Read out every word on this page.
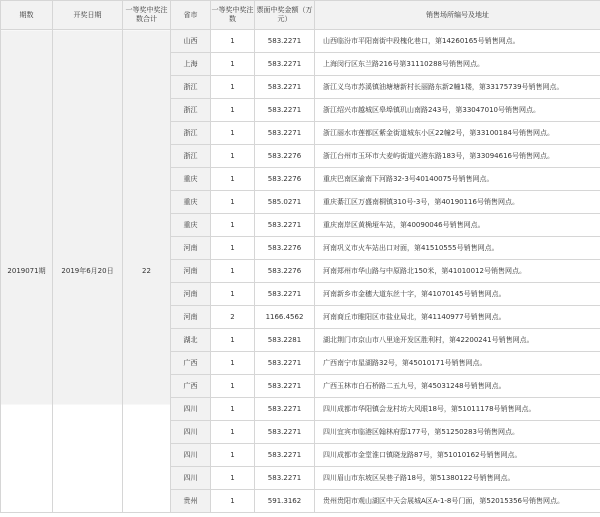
期数	开奖日期	一等奖中奖注数合计	省市	一等奖中奖注数	票面中奖金额（万元）	销售场所编号及地址
2019071期	2019年6月20日	22	山西	1	583.2271	山西临汾市平阳南街中段槐化巷口，第14260165号销售网点。
			上海	1	583.2271	上海闵行区东兰路216号第31110288号销售网点。
			浙江	1	583.2271	浙江义乌市苏溪镇油塘塘新村长丽路东新2幢1楼，第33175739号销售网点。
			浙江	1	583.2271	浙江绍兴市越城区皋埠镇玑山南路243号，第33047010号销售网点。
			浙江	1	583.2271	浙江丽水市莲都区紫金街道城东小区22幢2号，第33100184号销售网点。
			浙江	1	583.2276	浙江台州市玉环市大麦屿街道兴港东路183号，第33094616号销售网点。
			重庆	1	583.2276	重庆巴南区渝南下河路32-3号40140075号销售网点。
			重庆	1	585.0271	重庆綦江区万盛南桐镇310号-3号，第40190116号销售网点。
			重庆	1	583.2271	重庆南岸区黄桷垭车站，第40090046号销售网点。
			河南	1	583.2276	河南巩义市火车站出口对面，第41510555号销售网点。
			河南	1	583.2276	河南郑州市华山路与中原路北150米，第41010012号销售网点。
			河南	1	583.2271	河南新乡市金穗大道东丝十字，第41070145号销售网点。
			河南	2	1166.4562	河南商丘市睢阳区市盐业局北，第41140977号销售网点。
			湖北	1	583.2281	湖北荆门市京山市八里途开发区胜利村，第42200241号销售网点。
			广西	1	583.2271	广西南宁市星湖路32号，第45010171号销售网点。
			广西	1	583.2271	广西玉林市白石桥路二五九号，第45031248号销售网点。
			四川	1	583.2271	四川成都市华阳镇会龙村坊大风眼18号，第51011178号销售网点。
			四川	1	583.2271	四川宜宾市临港区翰林府邸177号，第51250283号销售网点。
			四川	1	583.2271	四川成都市金堂淮口镇晓龙路87号，第51010162号销售网点。
			四川	1	583.2271	四川眉山市东坡区吴巷子路18号，第51380122号销售网点。
			贵州	1	591.3162	贵州贵阳市观山湖区中天会展城A区A-1-8号门面，第52015356号销售网点。
